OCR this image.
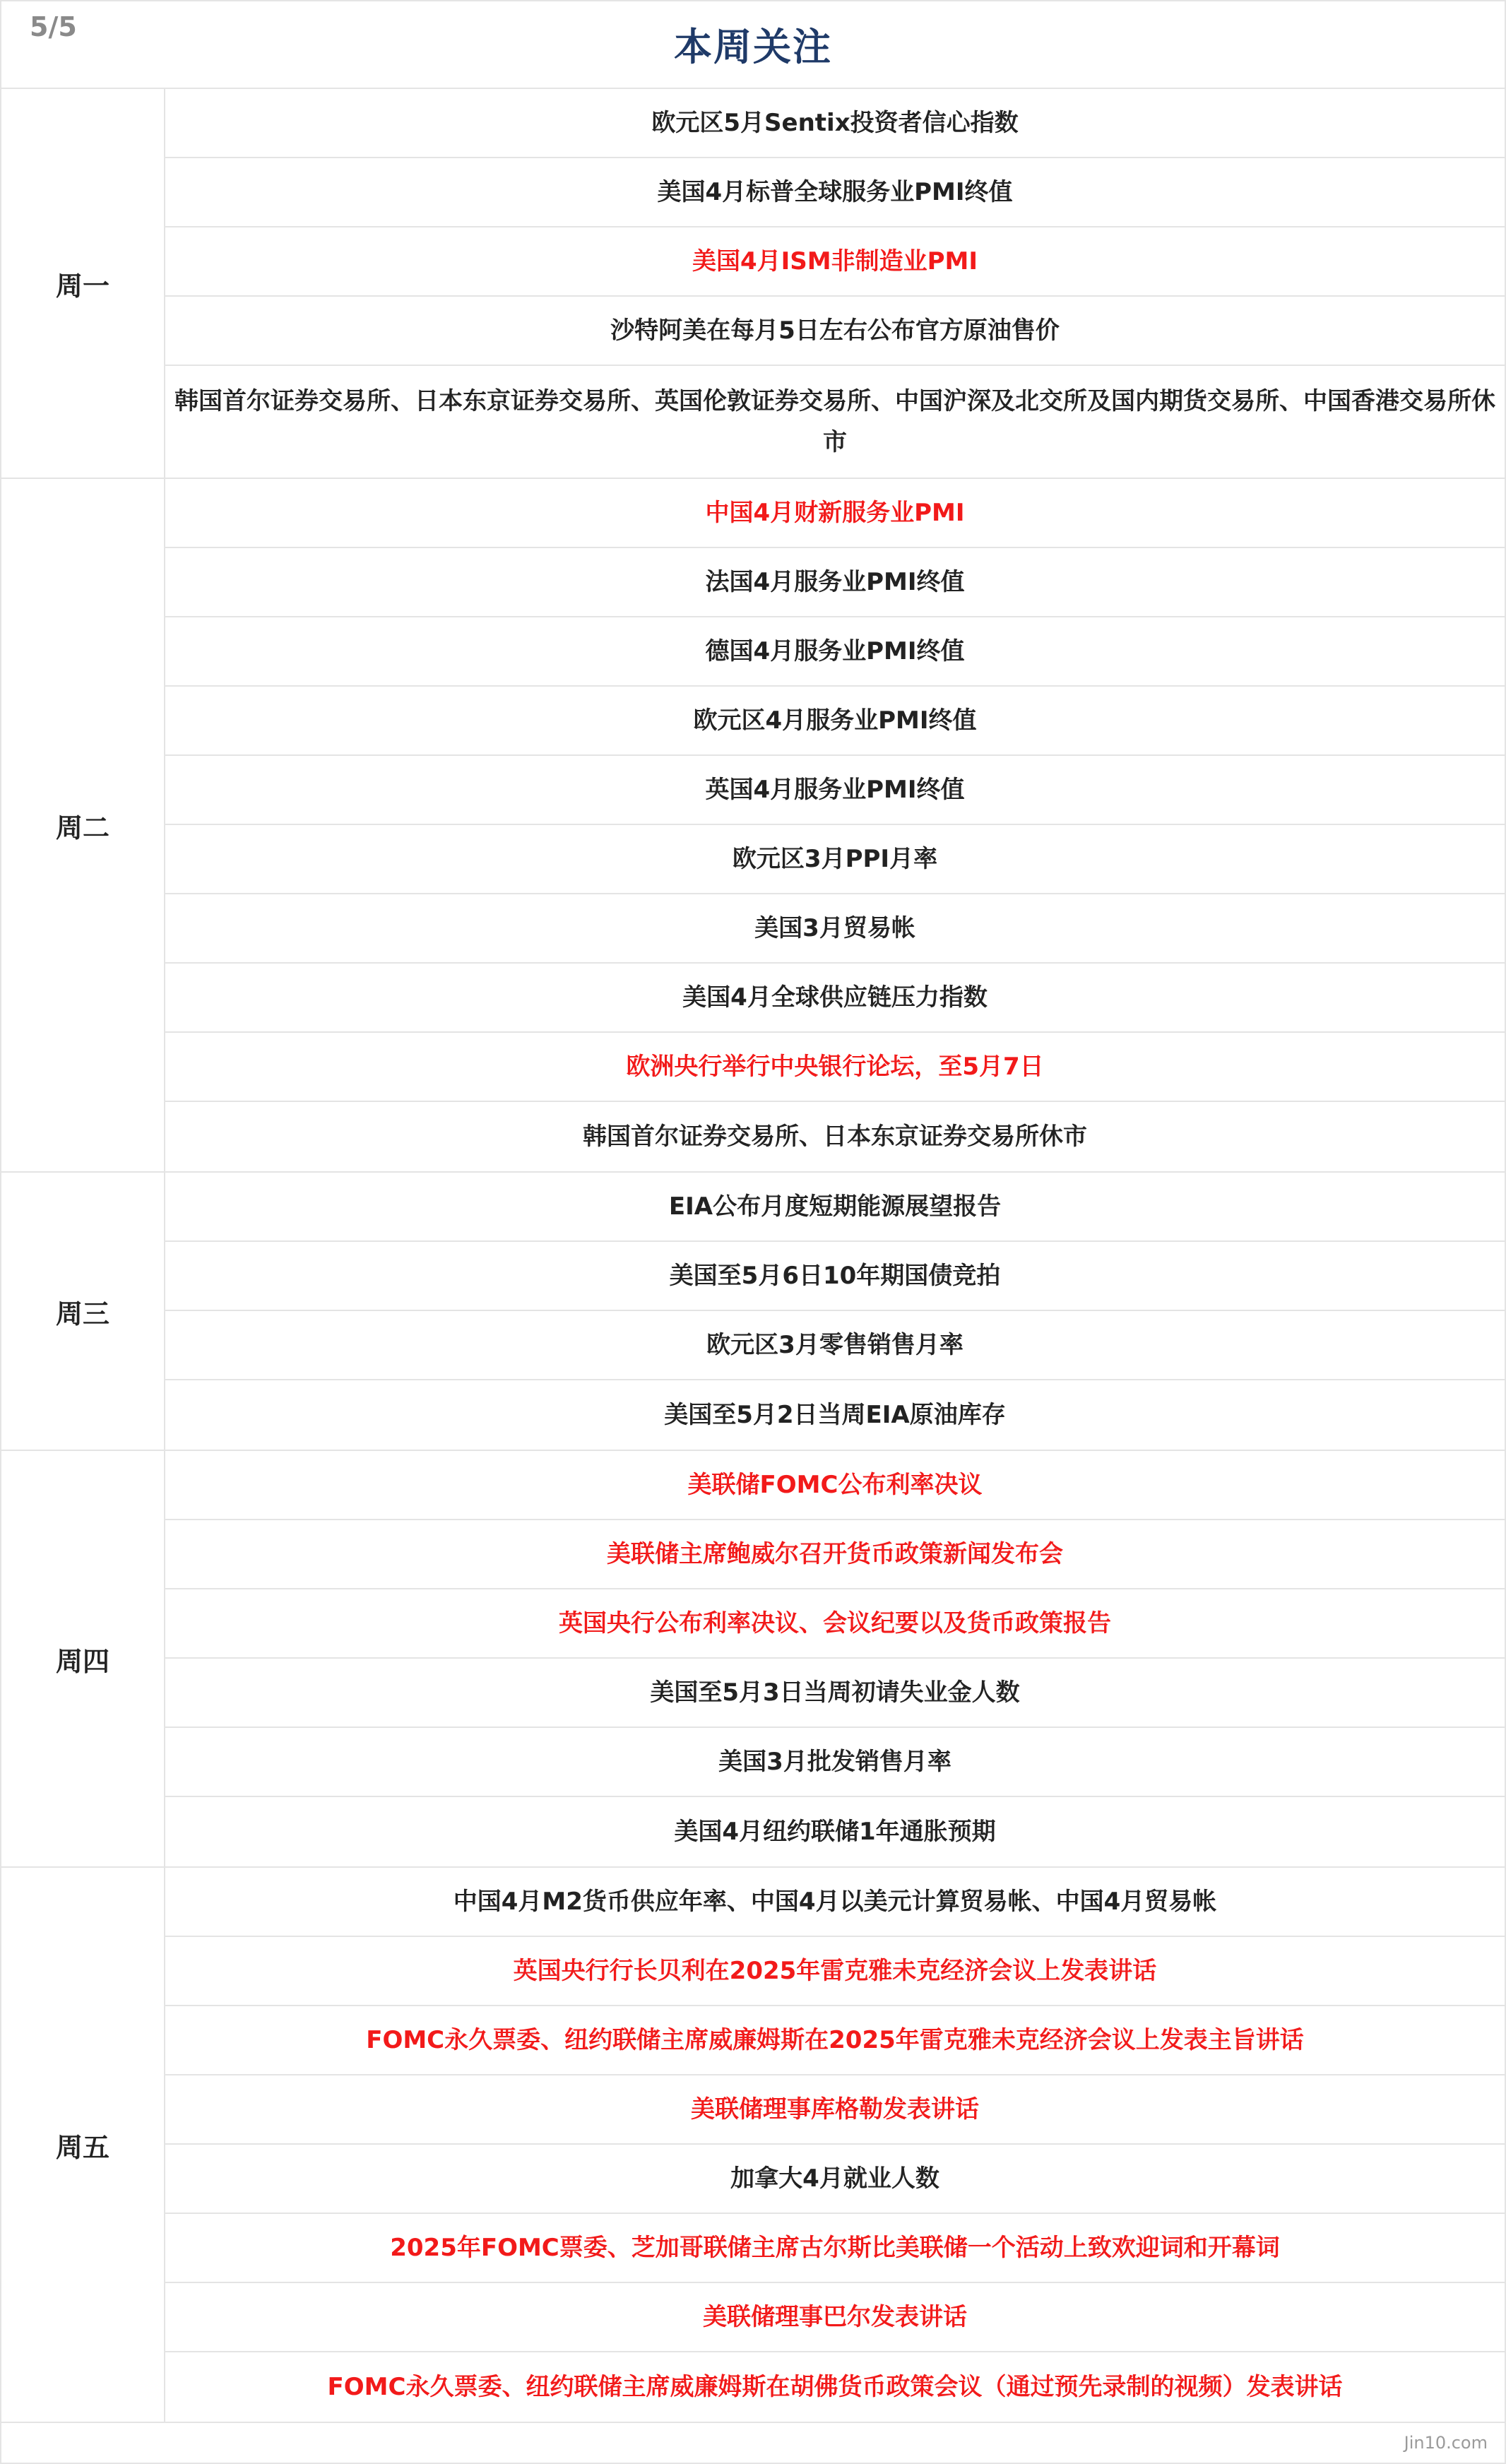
5/5	本周关注
周一
欧元区5月Sentix投资者信心指数
美国4月标普全球服务业PMI终值
美国4月ISM非制造业PMI
沙特阿美在每月5日左右公布官方原油售价
韩国首尔证券交易所、日本东京证券交易所、英国伦敦证券交易所、中国沪深及北交所及国内期货交易所、中国香港交易所休市
周二
中国4月财新服务业PMI
法国4月服务业PMI终值
德国4月服务业PMI终值
欧元区4月服务业PMI终值
英国4月服务业PMI终值
欧元区3月PPI月率
美国3月贸易帐
美国4月全球供应链压力指数
欧洲央行举行中央银行论坛，至5月7日
韩国首尔证券交易所、日本东京证券交易所休市
周三
EIA公布月度短期能源展望报告
美国至5月6日10年期国债竞拍
欧元区3月零售销售月率
美国至5月2日当周EIA原油库存
周四
美联储FOMC公布利率决议
美联储主席鲍威尔召开货币政策新闻发布会
英国央行公布利率决议、会议纪要以及货币政策报告
美国至5月3日当周初请失业金人数
美国3月批发销售月率
美国4月纽约联储1年通胀预期
周五
中国4月M2货币供应年率、中国4月以美元计算贸易帐、中国4月贸易帐
英国央行行长贝利在2025年雷克雅未克经济会议上发表讲话
FOMC永久票委、纽约联储主席威廉姆斯在2025年雷克雅未克经济会议上发表主旨讲话
美联储理事库格勒发表讲话
加拿大4月就业人数
2025年FOMC票委、芝加哥联储主席古尔斯比美联储一个活动上致欢迎词和开幕词
美联储理事巴尔发表讲话
FOMC永久票委、纽约联储主席威廉姆斯在胡佛货币政策会议（通过预先录制的视频）发表讲话
Jin10.com
